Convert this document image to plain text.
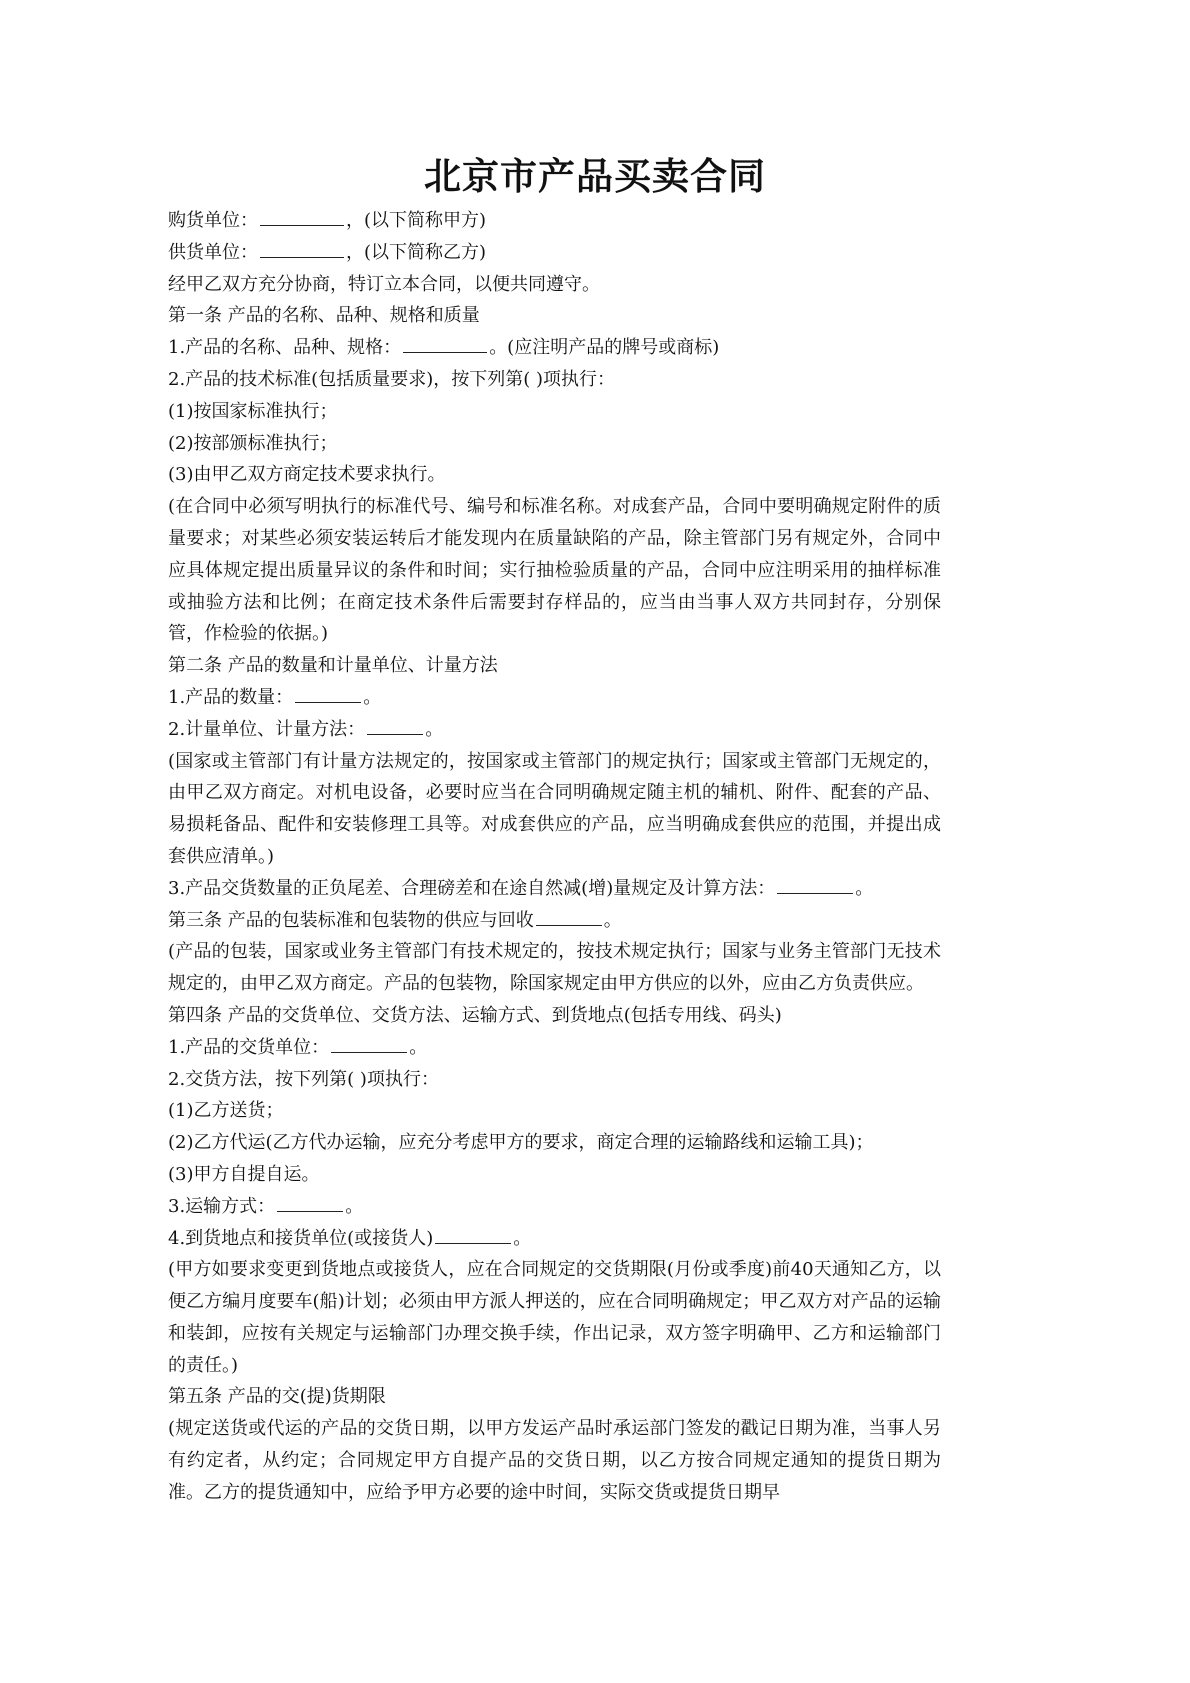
北京市产品买卖合同
购货单位：	，(以下简称甲方)
供货单位：	，(以下简称乙方)
经甲乙双方充分协商，特订立本合同，以便共同遵守。
第一条 产品的名称、品种、规格和质量
1.产品的名称、品种、规格：	。(应注明产品的牌号或商标)
2.产品的技术标准(包括质量要求)，按下列第( )项执行：
(1)按国家标准执行；
(2)按部颁标准执行；
(3)由甲乙双方商定技术要求执行。
(在合同中必须写明执行的标准代号、编号和标准名称。对成套产品，合同中要明确规定附件的质量要求；对某些必须安装运转后才能发现内在质量缺陷的产品，除主管部门另有规定外，合同中应具体规定提出质量异议的条件和时间；实行抽检验质量的产品，合同中应注明采用的抽样标准或抽验方法和比例；在商定技术条件后需要封存样品的，应当由当事人双方共同封存，分别保管，作检验的依据。)
第二条 产品的数量和计量单位、计量方法
1.产品的数量：	。
2.计量单位、计量方法：	。
(国家或主管部门有计量方法规定的，按国家或主管部门的规定执行；国家或主管部门无规定的，由甲乙双方商定。对机电设备，必要时应当在合同明确规定随主机的辅机、附件、配套的产品、易损耗备品、配件和安装修理工具等。对成套供应的产品，应当明确成套供应的范围，并提出成套供应清单。)
3.产品交货数量的正负尾差、合理磅差和在途自然减(增)量规定及计算方法：	。
第三条 产品的包装标准和包装物的供应与回收	。
(产品的包装，国家或业务主管部门有技术规定的，按技术规定执行；国家与业务主管部门无技术规定的，由甲乙双方商定。产品的包装物，除国家规定由甲方供应的以外，应由乙方负责供应。
第四条 产品的交货单位、交货方法、运输方式、到货地点(包括专用线、码头)
1.产品的交货单位：	。
2.交货方法，按下列第( )项执行：
(1)乙方送货；
(2)乙方代运(乙方代办运输，应充分考虑甲方的要求，商定合理的运输路线和运输工具)；
(3)甲方自提自运。
3.运输方式：	。
4.到货地点和接货单位(或接货人)	。
(甲方如要求变更到货地点或接货人，应在合同规定的交货期限(月份或季度)前40天通知乙方，以便乙方编月度要车(船)计划；必须由甲方派人押送的，应在合同明确规定；甲乙双方对产品的运输和装卸，应按有关规定与运输部门办理交换手续，作出记录，双方签字明确甲、乙方和运输部门的责任。)
第五条 产品的交(提)货期限
(规定送货或代运的产品的交货日期，以甲方发运产品时承运部门签发的戳记日期为准，当事人另有约定者，从约定；合同规定甲方自提产品的交货日期，以乙方按合同规定通知的提货日期为准。乙方的提货通知中，应给予甲方必要的途中时间，实际交货或提货日期早
